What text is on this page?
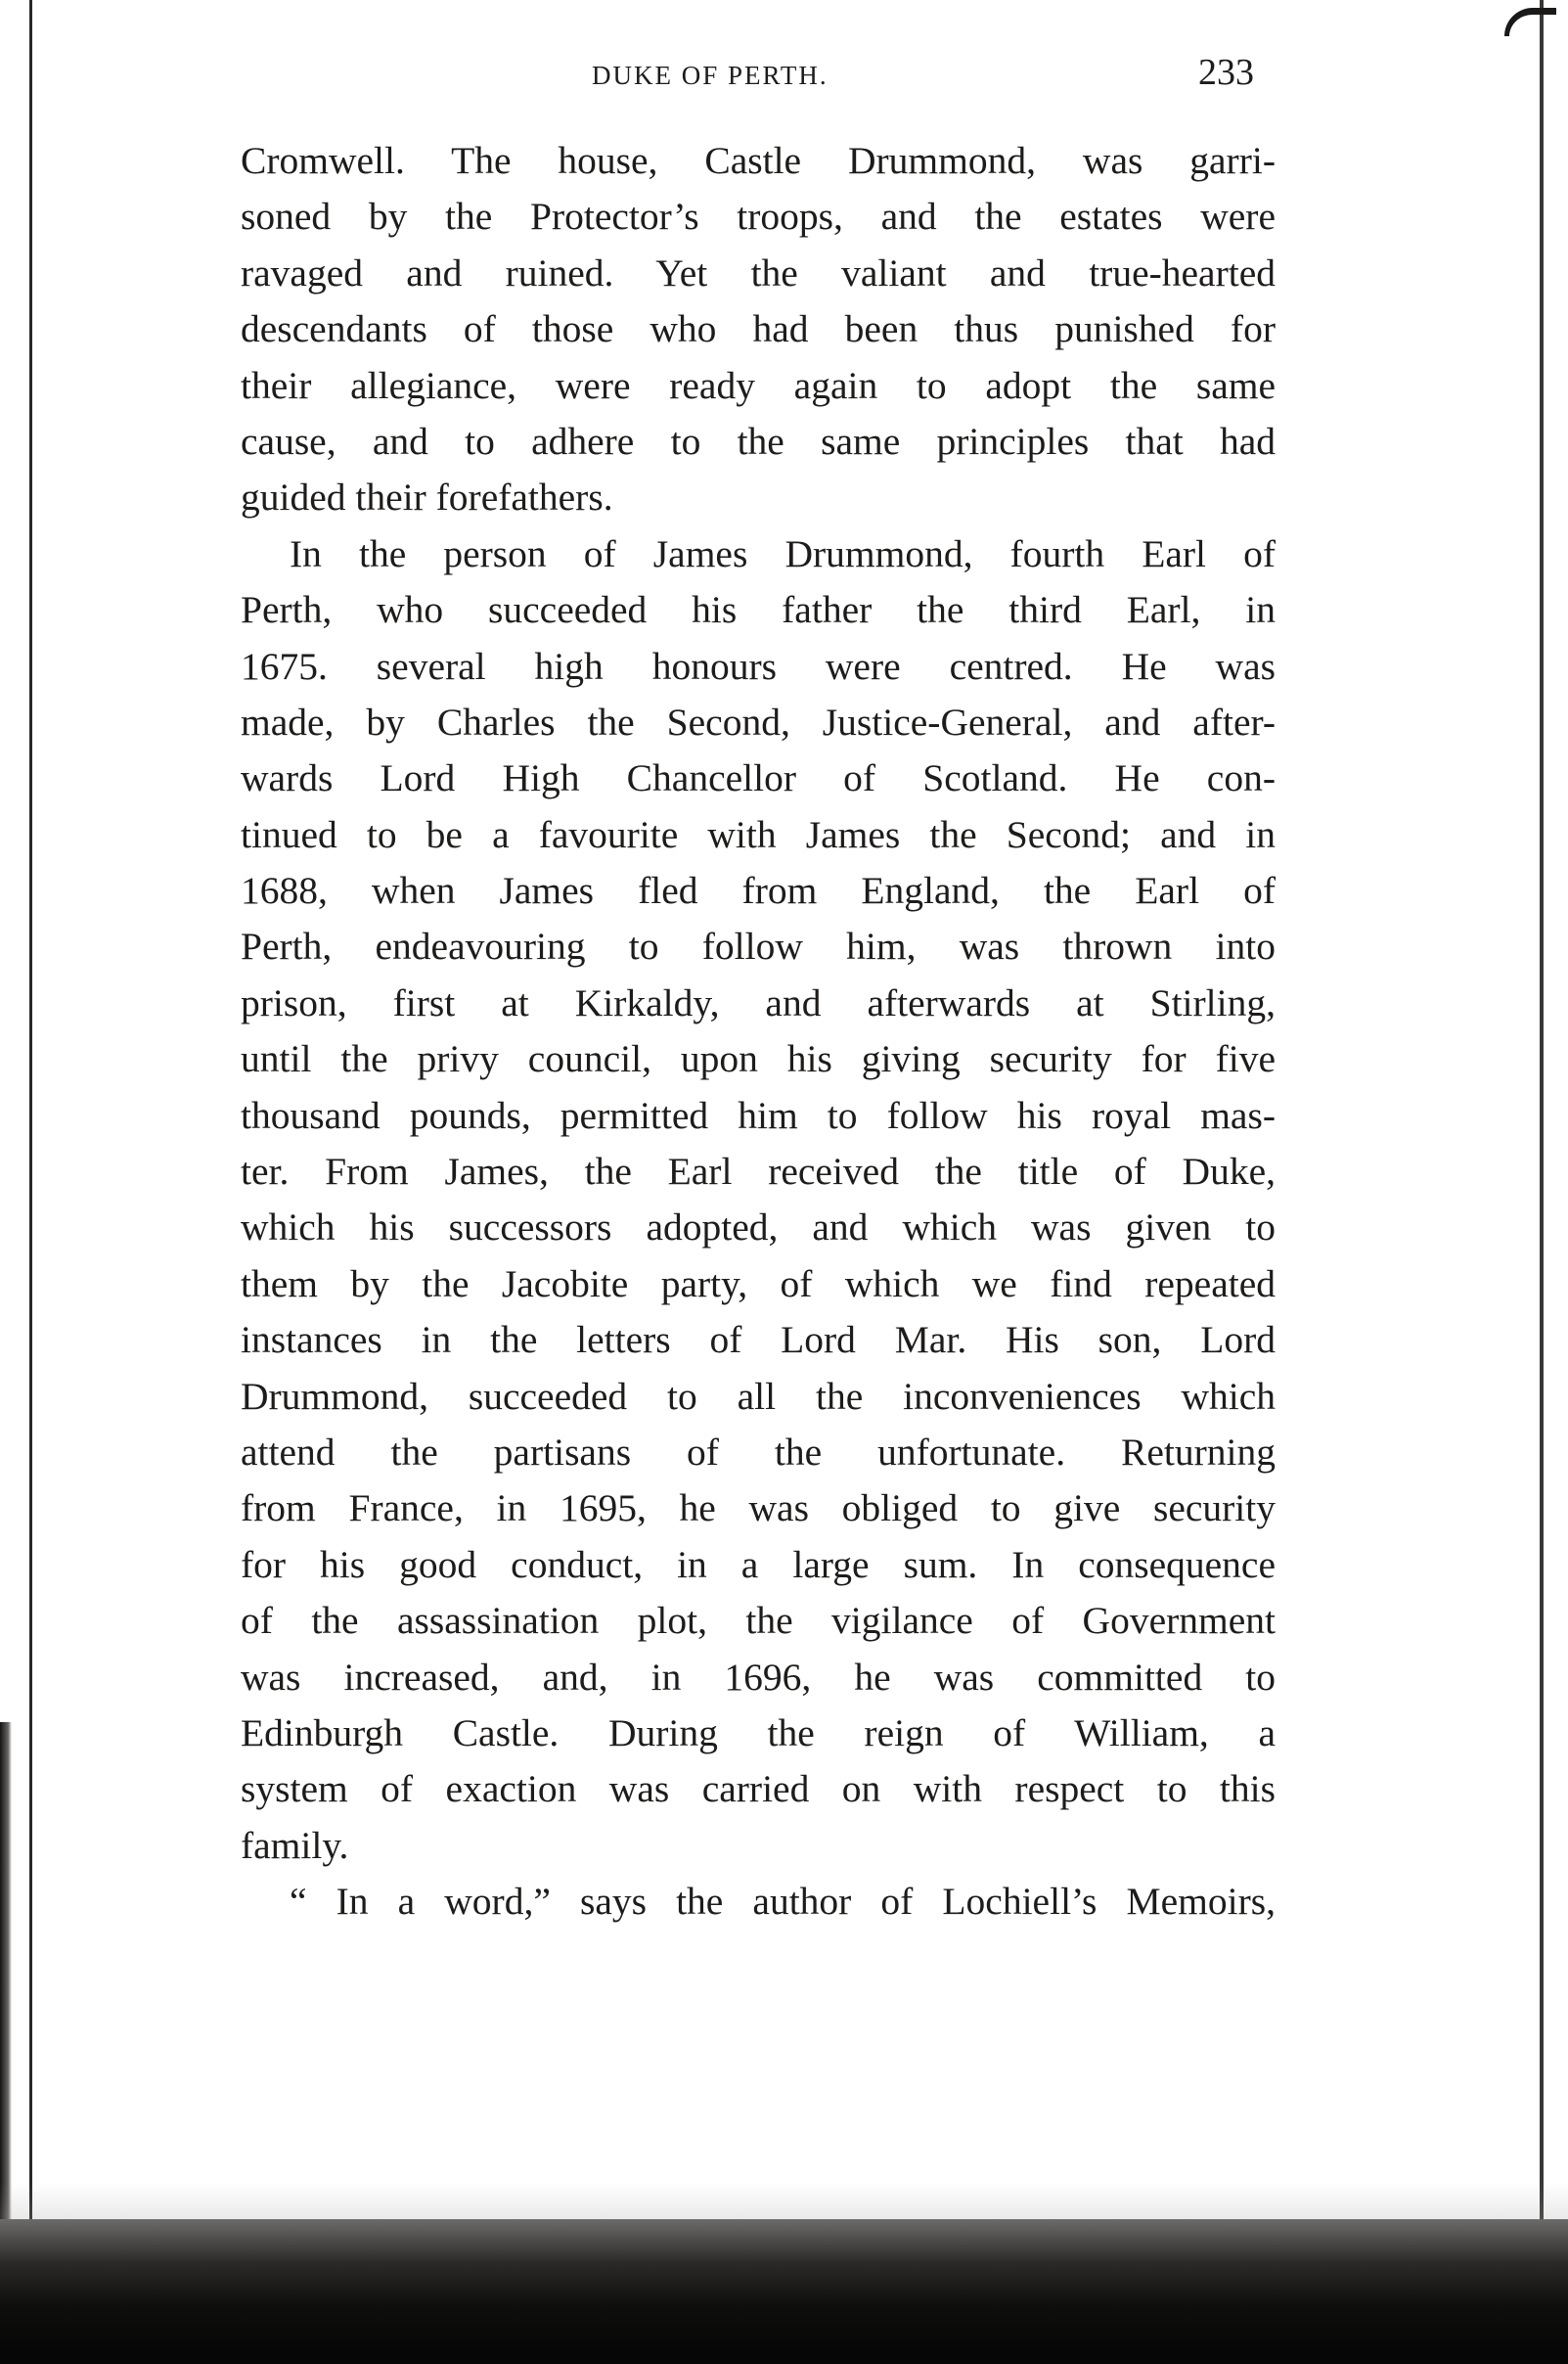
DUKE OF PERTH.	233
Cromwell. The house, Castle Drummond, was garri-
soned by the Protector’s troops, and the estates were
ravaged and ruined. Yet the valiant and true-hearted
descendants of those who had been thus punished for
their allegiance, were ready again to adopt the same
cause, and to adhere to the same principles that had
guided their forefathers.
In the person of James Drummond, fourth Earl of
Perth, who succeeded his father the third Earl, in
1675. several high honours were centred. He was
made, by Charles the Second, Justice-General, and after-
wards Lord High Chancellor of Scotland. He con-
tinued to be a favourite with James the Second; and in
1688, when James fled from England, the Earl of
Perth, endeavouring to follow him, was thrown into
prison, first at Kirkaldy, and afterwards at Stirling,
until the privy council, upon his giving security for five
thousand pounds, permitted him to follow his royal mas-
ter. From James, the Earl received the title of Duke,
which his successors adopted, and which was given to
them by the Jacobite party, of which we find repeated
instances in the letters of Lord Mar. His son, Lord
Drummond, succeeded to all the inconveniences which
attend the partisans of the unfortunate. Returning
from France, in 1695, he was obliged to give security
for his good conduct, in a large sum. In consequence
of the assassination plot, the vigilance of Government
was increased, and, in 1696, he was committed to
Edinburgh Castle. During the reign of William, a
system of exaction was carried on with respect to this
family.
“ In a word,” says the author of Lochiell’s Memoirs,
